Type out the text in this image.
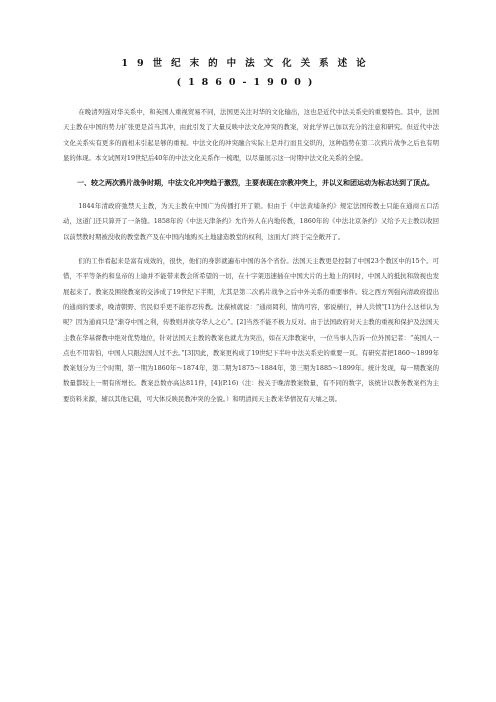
19世纪末的中法文化关系述论
(1860-1900)

在晚清列强对华关系中，和英国人重视贸易不同，法国更关注对华的文化输出，这也是近代中法关系史的重要特色。其中，法国天主教在中国的势力扩张更是首当其冲，由此引发了大量反映中法文化冲突的教案，对此学界已加以充分的注意和研究。但近代中法文化关系实有更多的面相未引起足够的重视。中法文化的冲突融合实际上是并行而且交织的，这种趋势在第二次鸦片战争之后也有明显的体现。本文试图对19世纪后40年的中法文化关系作一梳理，以尽量展示这一时期中法文化关系的全貌。

一、较之两次鸦片战争时期，中法文化冲突趋于激烈，主要表现在宗教冲突上，并以义和团运动为标志达到了顶点。

1844年清政府弛禁天主教，为天主教在中国广为传播打开了锁。但由于《中法黄埔条约》规定法国传教士只能在通商五口活动，这道门还只算开了一条缝。1858年的《中法天津条约》允许外人在内地传教，1860年的《中法北京条约》又给予天主教以收回以前禁教时期被没收的教堂教产及在中国内地购买土地建造教堂的权利，这面大门终于完全敞开了。

们的工作看起来是富有成效的，很快，他们的身影就遍布中国的各个省份。法国天主教更是控制了中国23个教区中的15个。可惜，不平等条约和皇帝的上谕并不能带来教会所希望的一切，在十字架迅速插在中国大片的土地上的同时，中国人的抵抗和敌视也发展起来了。教案及围绕教案的交涉成了19世纪下半期，尤其是第二次鸦片战争之后中外关系的重要事件。较之西方列强向清政府提出的通商的要求，晚清朝野、官民似乎更不能容忍传教。沈葆桢就说：“通商罔利，情尚可容，邪说横行，神人共愤”[1]为什么这样认为呢？因为通商只是“渐夺中国之利，传教则并欲夺华人之心”。[2]当然不能不极力反对。由于法国政府对天主教的重视和保护及法国天主教在华基督教中绝对优势地位，针对法国天主教的教案也就尤为突出，如在天津教案中，一位当事人告诉一位外国记者：“英国人一点也不用害怕，中国人只跟法国人过不去。”[3]因此，教案更构成了19世纪下半叶中法关系史的重要一页。有研究者把1860～1899年教案划分为三个时期，第一期为1860年～1874年，第二期为1875～1884年，第三期为1885～1899年。统计发现，每一期教案的数量都较上一期有所增长。教案总数亦高达811件，[4](P.16)（注：按关于晚清教案数量，有不同的数字，该统计以教务教案档为主要资料来源，辅以其他记载，可大体反映民教冲突的全貌。）和明清间天主教来华情况有天壤之别。
